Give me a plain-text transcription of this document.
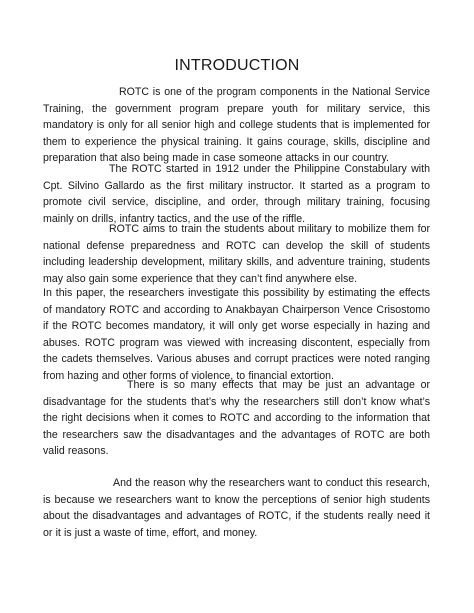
INTRODUCTION

ROTC is one of the program components in the National Service Training, the government program prepare youth for military service, this mandatory is only for all senior high and college students that is implemented for them to experience the physical training. It gains courage, skills, discipline and preparation that also being made in case someone attacks in our country.

The ROTC started in 1912 under the Philippine Constabulary with Cpt. Silvino Gallardo as the first military instructor. It started as a program to promote civil service, discipline, and order, through military training, focusing mainly on drills, infantry tactics, and the use of the riffle.

ROTC aims to train the students about military to mobilize them for national defense preparedness and ROTC can develop the skill of students including leadership development, military skills, and adventure training, students may also gain some experience that they can’t find anywhere else.

In this paper, the researchers investigate this possibility by estimating the effects of mandatory ROTC and according to Anakbayan Chairperson Vence Crisostomo if the ROTC becomes mandatory, it will only get worse especially in hazing and abuses. ROTC program was viewed with increasing discontent, especially from the cadets themselves. Various abuses and corrupt practices were noted ranging from hazing and other forms of violence, to financial extortion.

There is so many effects that may be just an advantage or disadvantage for the students that’s why the researchers still don’t know what’s the right decisions when it comes to ROTC and according to the information that the researchers saw the disadvantages and the advantages of ROTC are both valid reasons.

And the reason why the researchers want to conduct this research, is because we researchers want to know the perceptions of senior high students about the disadvantages and advantages of ROTC, if the students really need it or it is just a waste of time, effort, and money.
